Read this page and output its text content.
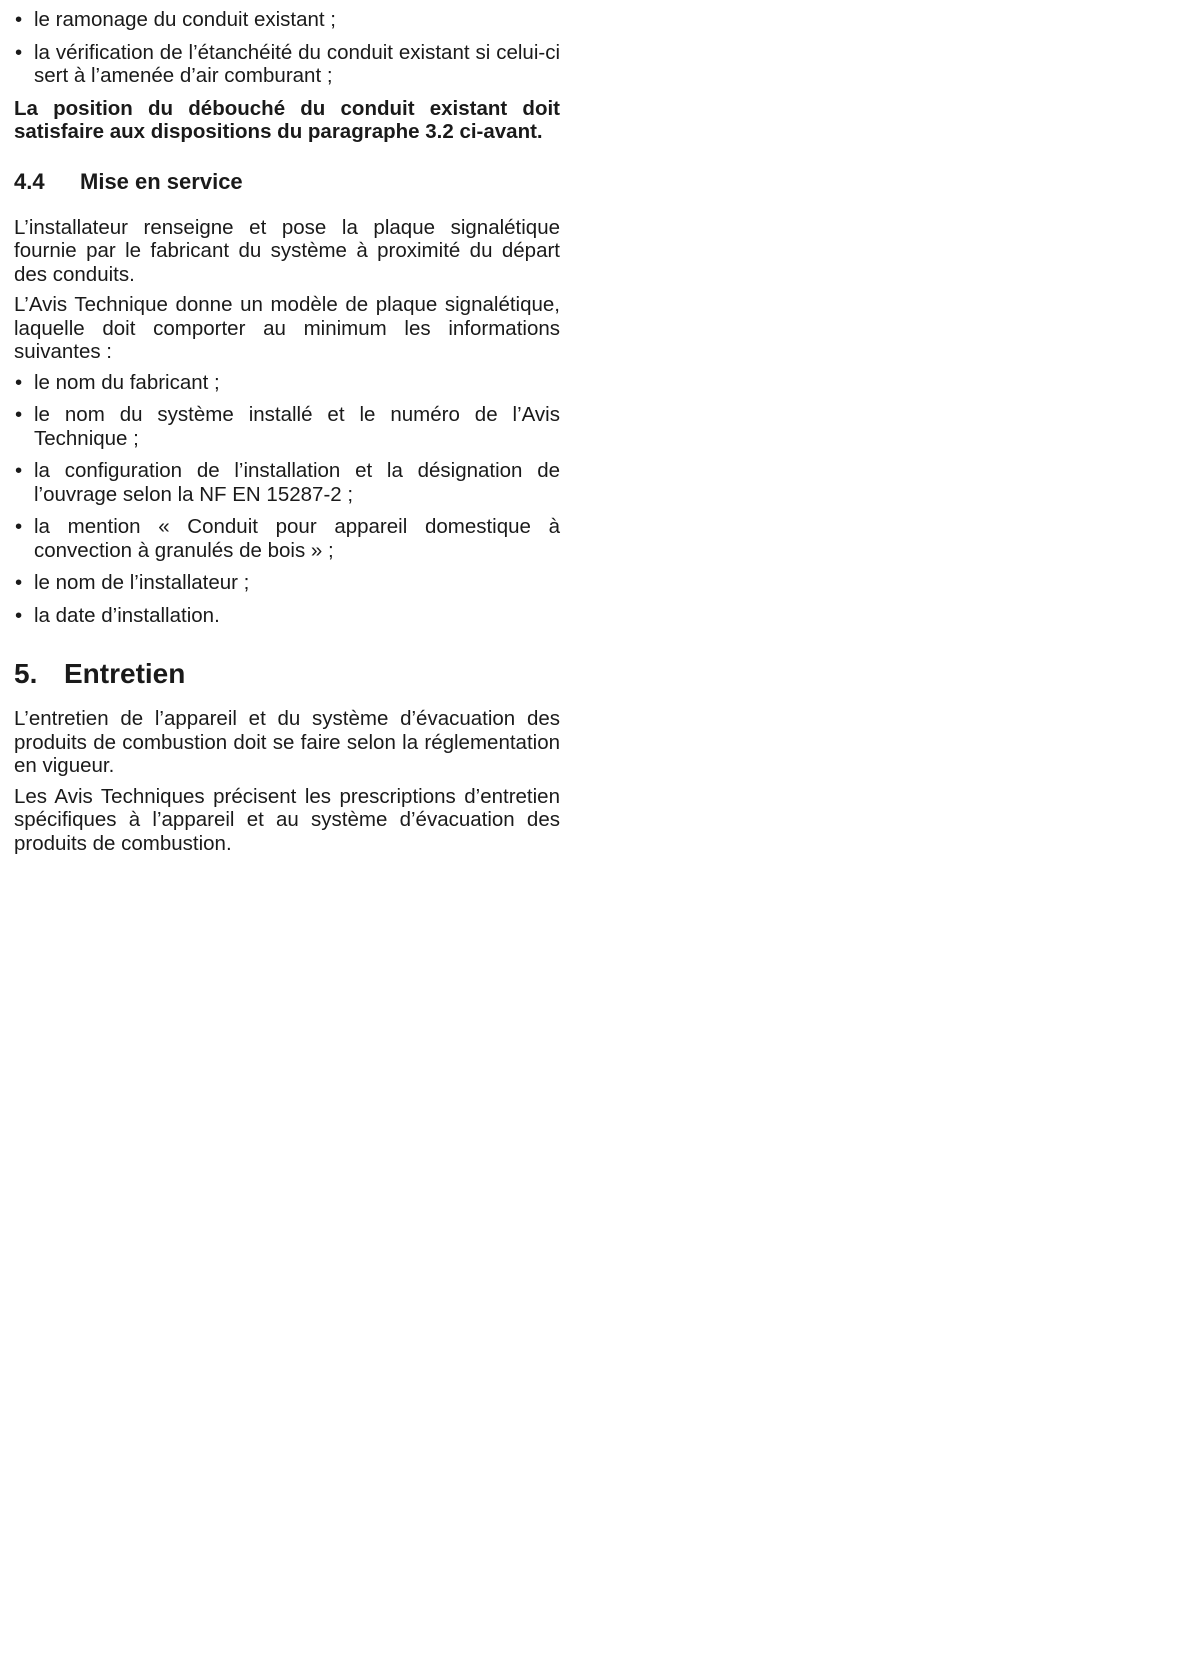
• le ramonage du conduit existant ;
• la vérification de l’étanchéité du conduit existant si celui-ci sert à l’amenée d’air comburant ;

La position du débouché du conduit existant doit satisfaire aux dispositions du paragraphe 3.2 ci-avant.

4.4	Mise en service

L’installateur renseigne et pose la plaque signalétique fournie par le fabricant du système à proximité du départ des conduits.

L’Avis Technique donne un modèle de plaque signalétique, laquelle doit comporter au minimum les informations suivantes :

• le nom du fabricant ;
• le nom du système installé et le numéro de l’Avis Technique ;
• la configuration de l’installation et la désignation de l’ouvrage selon la NF EN 15287-2 ;
• la mention « Conduit pour appareil domestique à convection à granulés de bois » ;
• le nom de l’installateur ;
• la date d’installation.
5. Entretien

L’entretien de l’appareil et du système d’évacuation des produits de combustion doit se faire selon la réglementation en vigueur.

Les Avis Techniques précisent les prescriptions d’entretien spécifiques à l’appareil et au système d’évacuation des produits de combustion.
